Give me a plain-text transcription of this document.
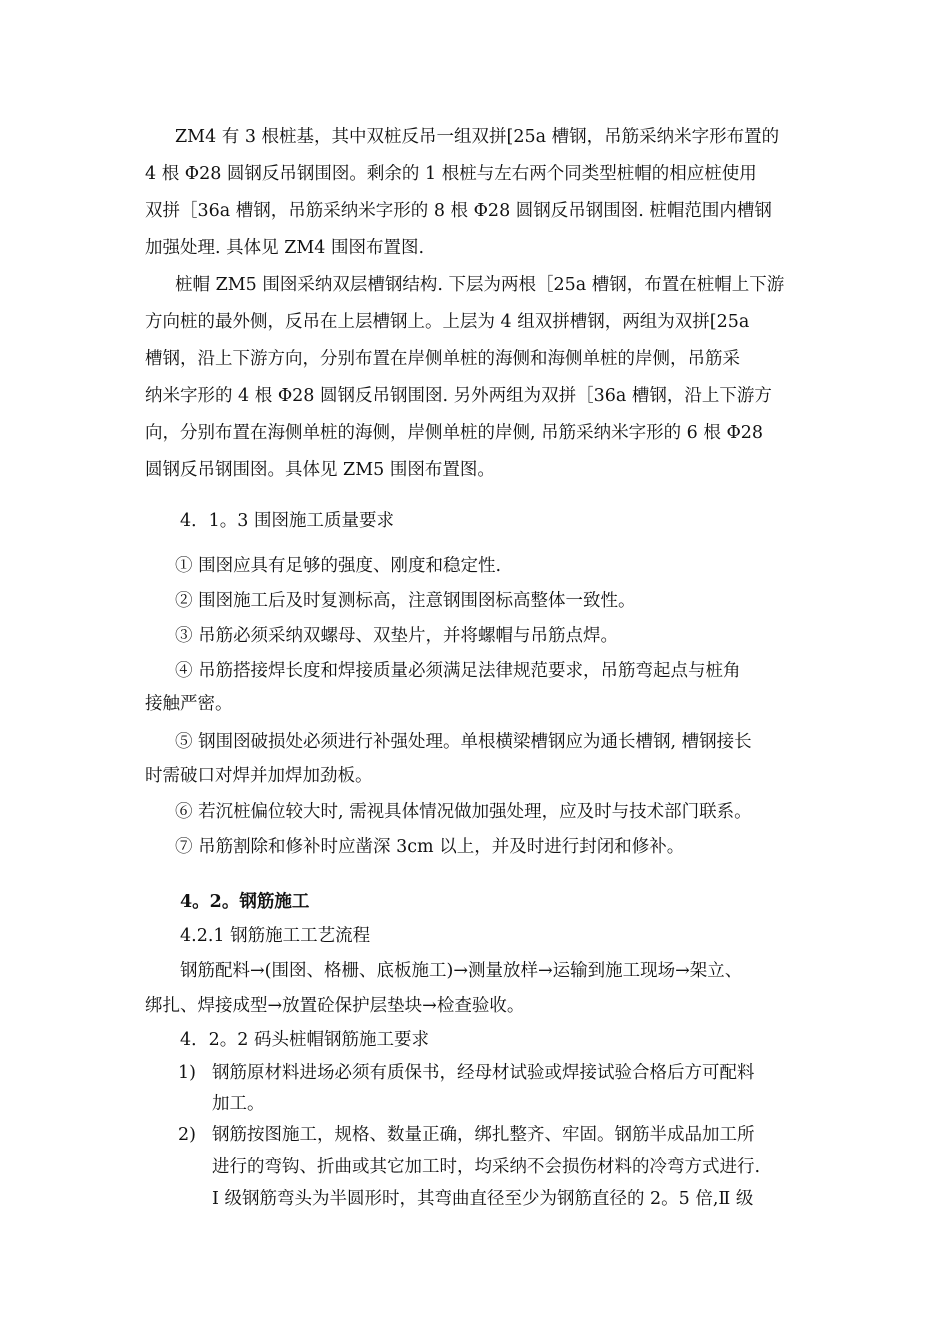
ZM4 有 3 根桩基，其中双桩反吊一组双拼[25a 槽钢，吊筋采纳米字形布置的
4 根 Φ28 圆钢反吊钢围囹。剩余的 1 根桩与左右两个同类型桩帽的相应桩使用
双拼［36a 槽钢，吊筋采纳米字形的 8 根 Φ28 圆钢反吊钢围囹. 桩帽范围内槽钢
加强处理. 具体见 ZM4 围囹布置图.
桩帽 ZM5 围囹采纳双层槽钢结构. 下层为两根［25a 槽钢，布置在桩帽上下游
方向桩的最外侧，反吊在上层槽钢上。上层为 4 组双拼槽钢，两组为双拼[25a
槽钢，沿上下游方向，分别布置在岸侧单桩的海侧和海侧单桩的岸侧，吊筋采
纳米字形的 4 根 Φ28 圆钢反吊钢围囹. 另外两组为双拼［36a 槽钢，沿上下游方
向，分别布置在海侧单桩的海侧，岸侧单桩的岸侧, 吊筋采纳米字形的 6 根 Φ28
圆钢反吊钢围囹。具体见 ZM5 围囹布置图。
4．1。3 围囹施工质量要求
① 围囹应具有足够的强度、刚度和稳定性.
② 围囹施工后及时复测标高，注意钢围囹标高整体一致性。
③ 吊筋必须采纳双螺母、双垫片，并将螺帽与吊筋点焊。
④ 吊筋搭接焊长度和焊接质量必须满足法律规范要求，吊筋弯起点与桩角
接触严密。
⑤ 钢围囹破损处必须进行补强处理。单根横梁槽钢应为通长槽钢, 槽钢接长
时需破口对焊并加焊加劲板。
⑥ 若沉桩偏位较大时, 需视具体情况做加强处理，应及时与技术部门联系。
⑦ 吊筋割除和修补时应凿深 3cm 以上，并及时进行封闭和修补。
4。2。钢筋施工
4.2.1 钢筋施工工艺流程
钢筋配料→(围囹、格栅、底板施工)→测量放样→运输到施工现场→架立、
绑扎、焊接成型→放置砼保护层垫块→检查验收。
4．2。2 码头桩帽钢筋施工要求
1) 钢筋原材料进场必须有质保书，经母材试验或焊接试验合格后方可配料
加工。
2) 钢筋按图施工，规格、数量正确，绑扎整齐、牢固。钢筋半成品加工所
进行的弯钩、折曲或其它加工时，均采纳不会损伤材料的冷弯方式进行.
Ⅰ 级钢筋弯头为半圆形时，其弯曲直径至少为钢筋直径的 2。5 倍,Ⅱ 级
